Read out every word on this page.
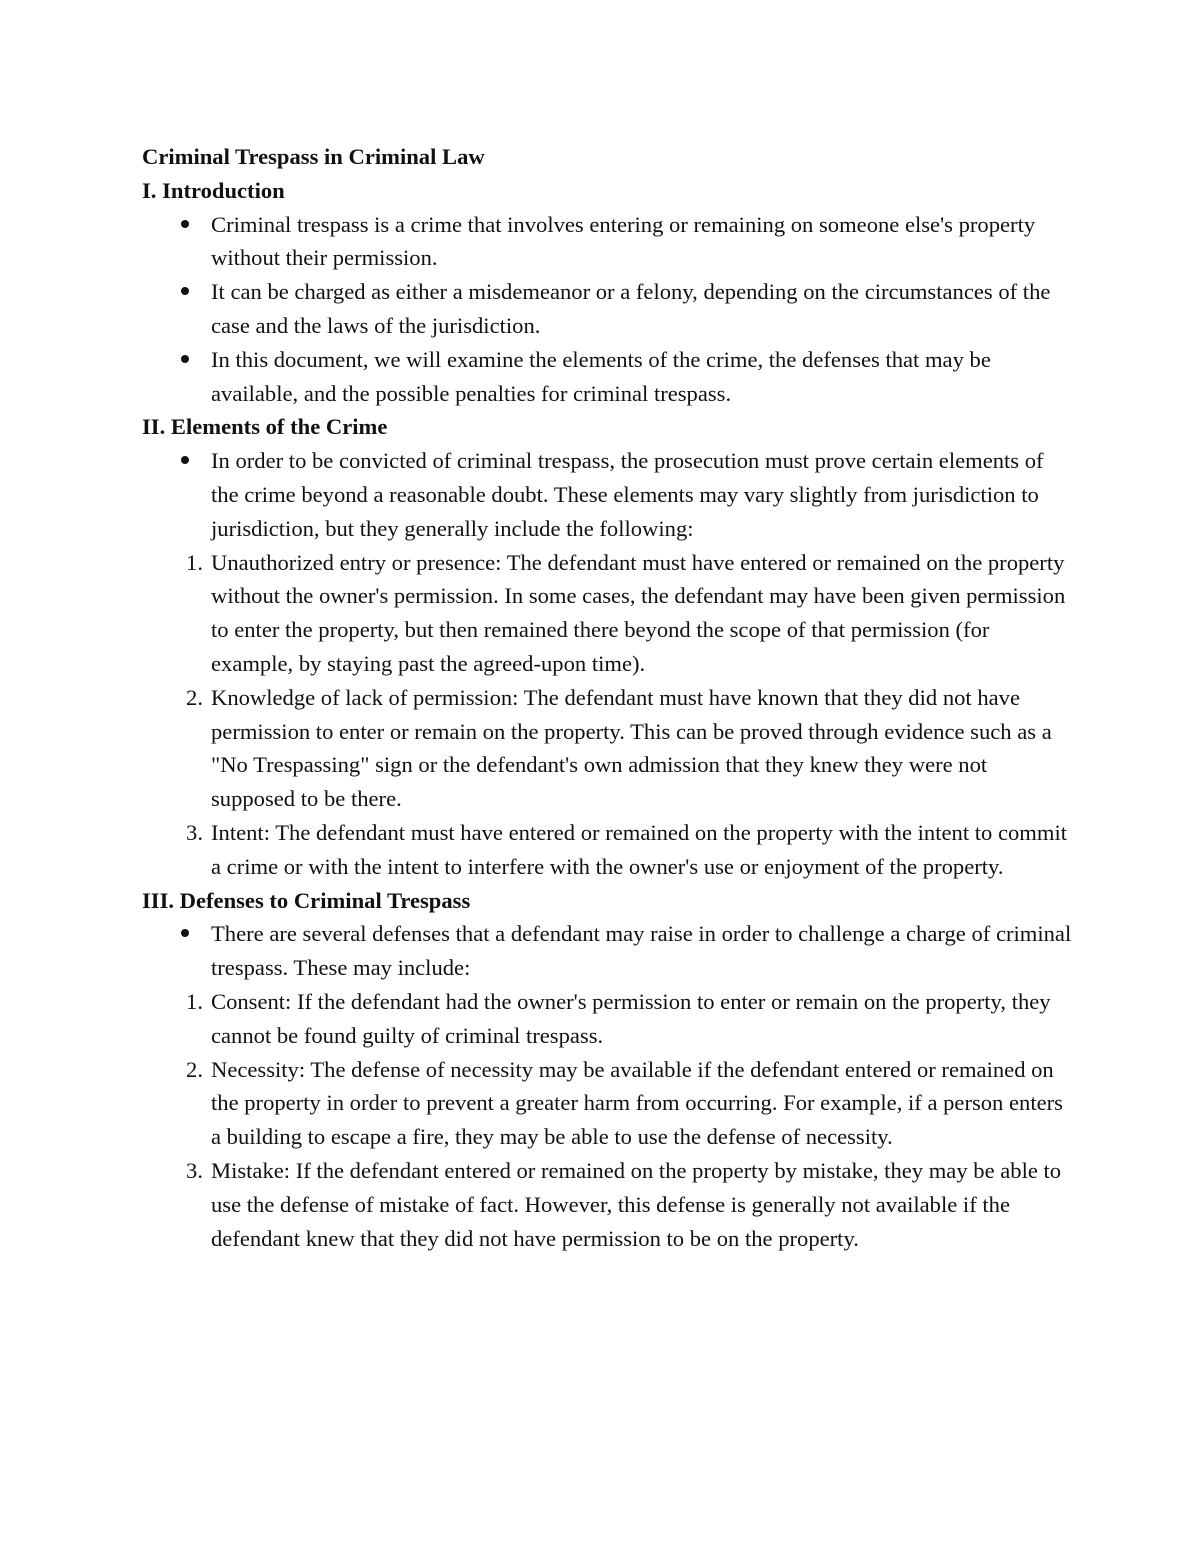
Criminal Trespass in Criminal Law

I. Introduction

Criminal trespass is a crime that involves entering or remaining on someone else's property without their permission.
It can be charged as either a misdemeanor or a felony, depending on the circumstances of the case and the laws of the jurisdiction.
In this document, we will examine the elements of the crime, the defenses that may be available, and the possible penalties for criminal trespass.

II. Elements of the Crime

In order to be convicted of criminal trespass, the prosecution must prove certain elements of the crime beyond a reasonable doubt. These elements may vary slightly from jurisdiction to jurisdiction, but they generally include the following:
1. Unauthorized entry or presence: The defendant must have entered or remained on the property without the owner's permission. In some cases, the defendant may have been given permission to enter the property, but then remained there beyond the scope of that permission (for example, by staying past the agreed-upon time).
2. Knowledge of lack of permission: The defendant must have known that they did not have permission to enter or remain on the property. This can be proved through evidence such as a "No Trespassing" sign or the defendant's own admission that they knew they were not supposed to be there.
3. Intent: The defendant must have entered or remained on the property with the intent to commit a crime or with the intent to interfere with the owner's use or enjoyment of the property.

III. Defenses to Criminal Trespass

There are several defenses that a defendant may raise in order to challenge a charge of criminal trespass. These may include:
1. Consent: If the defendant had the owner's permission to enter or remain on the property, they cannot be found guilty of criminal trespass.
2. Necessity: The defense of necessity may be available if the defendant entered or remained on the property in order to prevent a greater harm from occurring. For example, if a person enters a building to escape a fire, they may be able to use the defense of necessity.
3. Mistake: If the defendant entered or remained on the property by mistake, they may be able to use the defense of mistake of fact. However, this defense is generally not available if the defendant knew that they did not have permission to be on the property.
